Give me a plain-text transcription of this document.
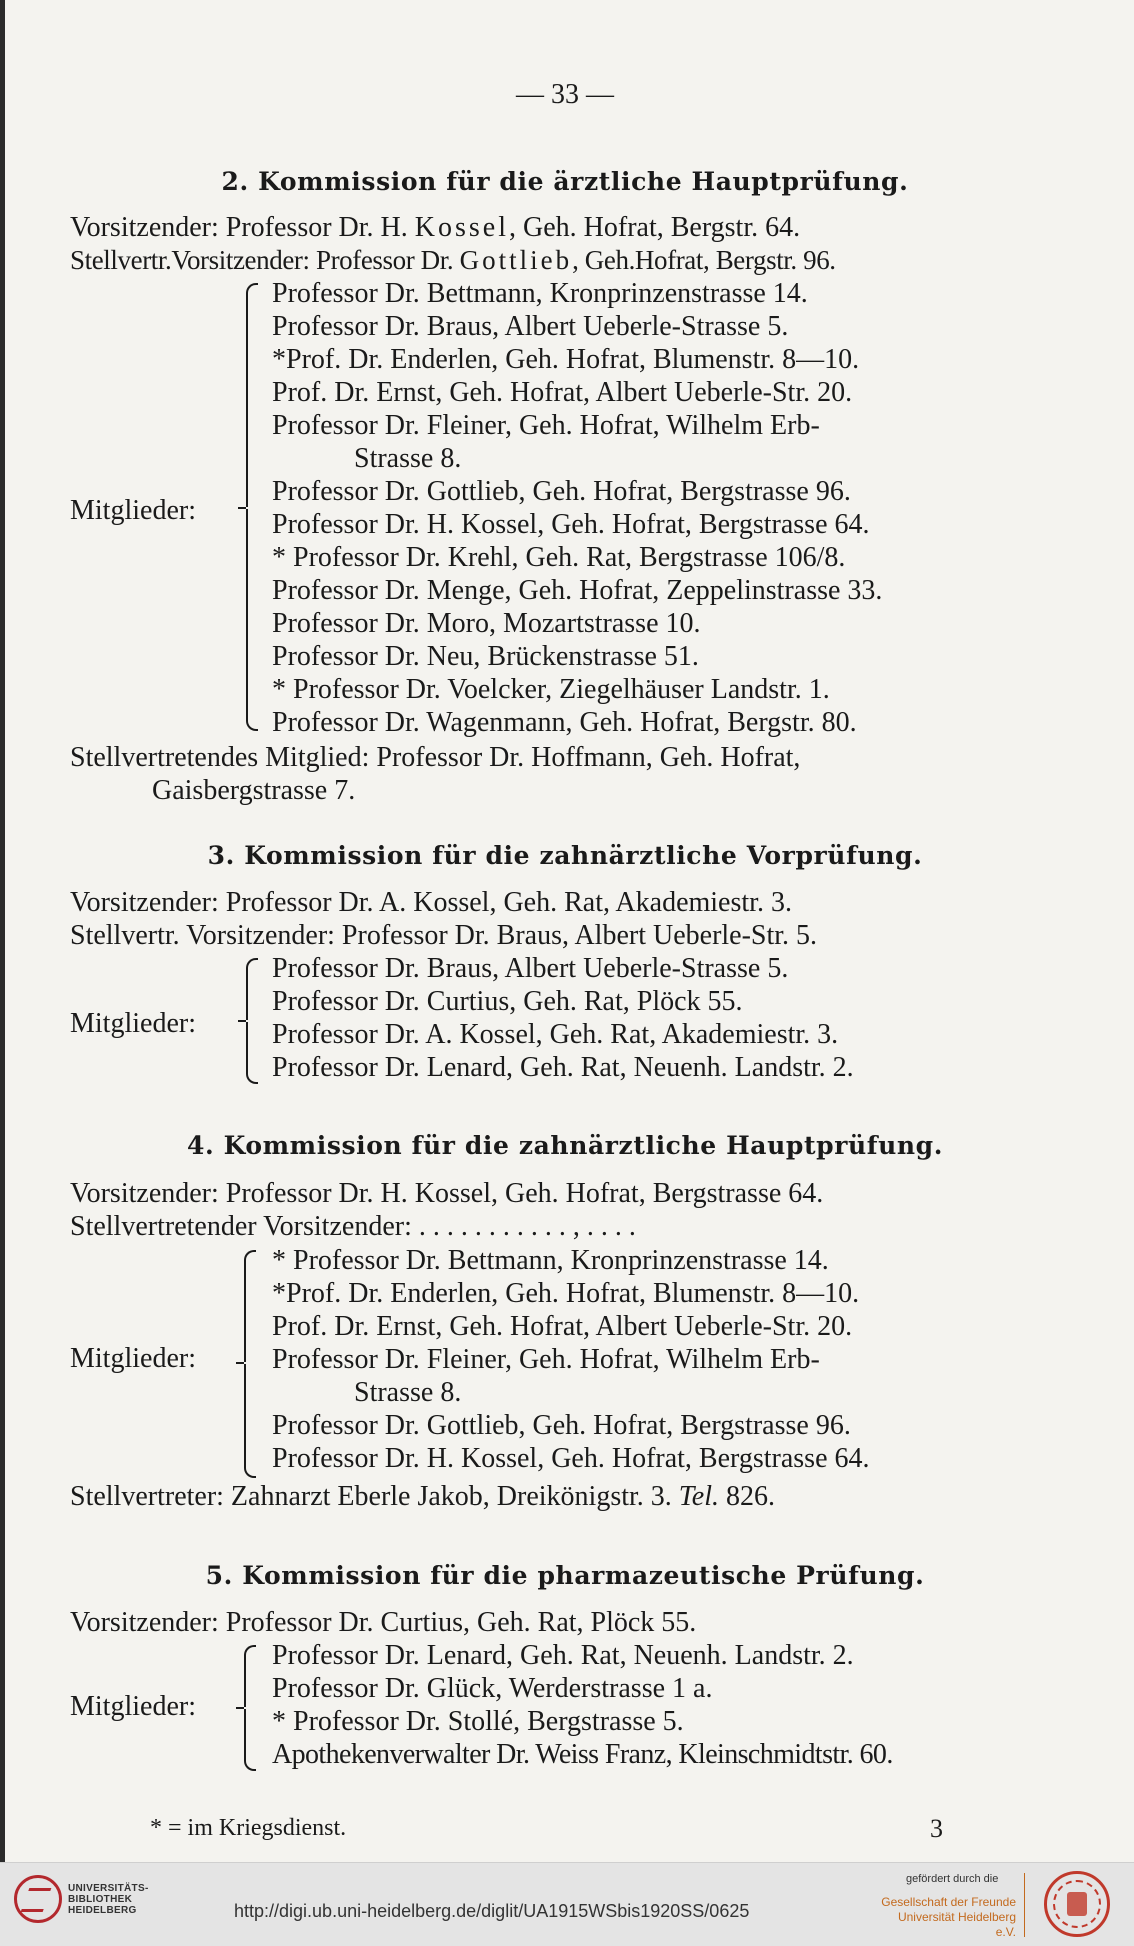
— 33 —
2. Kommission für die ärztliche Hauptprüfung.
Vorsitzender: Professor Dr. H. Kossel, Geh. Hofrat, Bergstr. 64.
Stellvertr.Vorsitzender: Professor Dr. Gottlieb, Geh.Hofrat, Bergstr. 96.
Mitglieder:
Professor Dr. Bettmann, Kronprinzenstrasse 14.
Professor Dr. Braus, Albert Ueberle-Strasse 5.
*Prof. Dr. Enderlen, Geh. Hofrat, Blumenstr. 8—10.
Prof. Dr. Ernst, Geh. Hofrat, Albert Ueberle-Str. 20.
Professor Dr. Fleiner, Geh. Hofrat, Wilhelm Erb-
Strasse 8.
Professor Dr. Gottlieb, Geh. Hofrat, Bergstrasse 96.
Professor Dr. H. Kossel, Geh. Hofrat, Bergstrasse 64.
* Professor Dr. Krehl, Geh. Rat, Bergstrasse 106/8.
Professor Dr. Menge, Geh. Hofrat, Zeppelinstrasse 33.
Professor Dr. Moro, Mozartstrasse 10.
Professor Dr. Neu, Brückenstrasse 51.
* Professor Dr. Voelcker, Ziegelhäuser Landstr. 1.
Professor Dr. Wagenmann, Geh. Hofrat, Bergstr. 80.
Stellvertretendes Mitglied: Professor Dr. Hoffmann, Geh. Hofrat,
Gaisbergstrasse 7.
3. Kommission für die zahnärztliche Vorprüfung.
Vorsitzender: Professor Dr. A. Kossel, Geh. Rat, Akademiestr. 3.
Stellvertr. Vorsitzender: Professor Dr. Braus, Albert Ueberle-Str. 5.
Mitglieder:
Professor Dr. Braus, Albert Ueberle-Strasse 5.
Professor Dr. Curtius, Geh. Rat, Plöck 55.
Professor Dr. A. Kossel, Geh. Rat, Akademiestr. 3.
Professor Dr. Lenard, Geh. Rat, Neuenh. Landstr. 2.
4. Kommission für die zahnärztliche Hauptprüfung.
Vorsitzender: Professor Dr. H. Kossel, Geh. Hofrat, Bergstrasse 64.
Stellvertretender Vorsitzender: . . . . . . . . . . . , . . . .
Mitglieder:
* Professor Dr. Bettmann, Kronprinzenstrasse 14.
*Prof. Dr. Enderlen, Geh. Hofrat, Blumenstr. 8—10.
Prof. Dr. Ernst, Geh. Hofrat, Albert Ueberle-Str. 20.
Professor Dr. Fleiner, Geh. Hofrat, Wilhelm Erb-
Strasse 8.
Professor Dr. Gottlieb, Geh. Hofrat, Bergstrasse 96.
Professor Dr. H. Kossel, Geh. Hofrat, Bergstrasse 64.
Stellvertreter: Zahnarzt Eberle Jakob, Dreikönigstr. 3. Tel. 826.
5. Kommission für die pharmazeutische Prüfung.
Vorsitzender: Professor Dr. Curtius, Geh. Rat, Plöck 55.
Mitglieder:
Professor Dr. Lenard, Geh. Rat, Neuenh. Landstr. 2.
Professor Dr. Glück, Werderstrasse 1 a.
* Professor Dr. Stollé, Bergstrasse 5.
Apothekenverwalter Dr. Weiss Franz, Kleinschmidtstr. 60.
* = im Kriegsdienst.	3
UNIVERSITÄTS-
BIBLIOTHEK
HEIDELBERG	http://digi.ub.uni-heidelberg.de/diglit/UA1915WSbis1920SS/0625
gefördert durch die
Gesellschaft der Freunde
Universität Heidelberg e.V.
